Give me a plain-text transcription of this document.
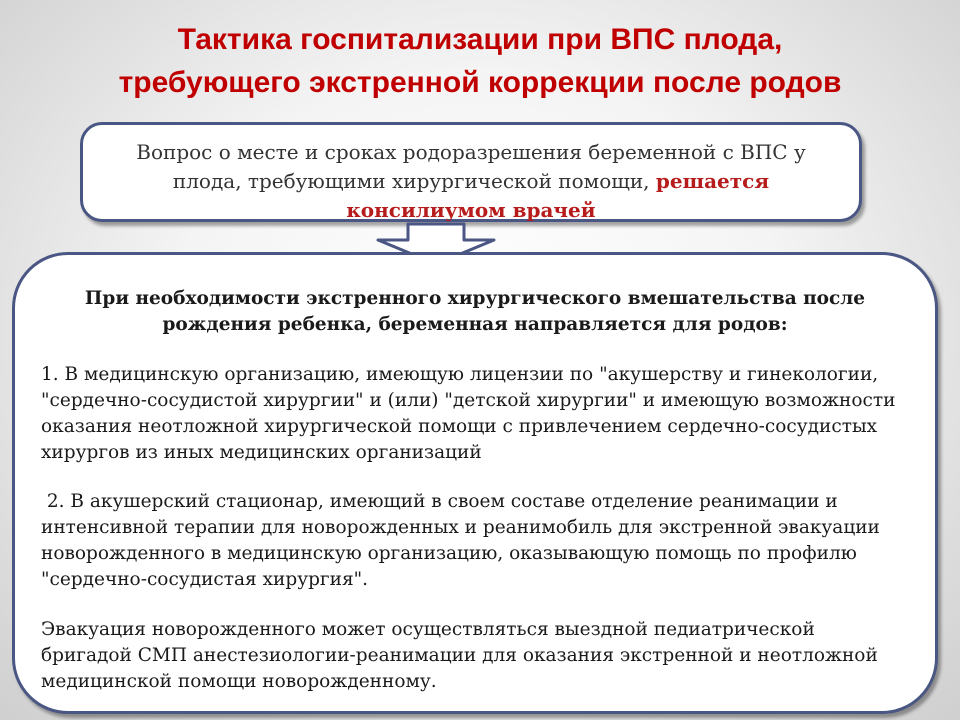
Тактика госпитализации при ВПС плода,
требующего экстренной коррекции после родов
Вопрос о месте и сроках родоразрешения беременной с ВПС у
плода, требующими хирургической помощи, решается
консилиумом врачей
При необходимости экстренного хирургического вмешательства после
рождения ребенка, беременная направляется для родов:

1. В медицинскую организацию, имеющую лицензии по "акушерству и гинекологии,
"сердечно-сосудистой хирургии" и (или) "детской хирургии" и имеющую возможности
оказания неотложной хирургической помощи с привлечением сердечно-сосудистых
хирургов из иных медицинских организаций

2. В акушерский стационар, имеющий в своем составе отделение реанимации и
интенсивной терапии для новорожденных и реанимобиль для экстренной эвакуации
новорожденного в медицинскую организацию, оказывающую помощь по профилю
"сердечно-сосудистая хирургия".

Эвакуация новорожденного может осуществляться выездной педиатрической
бригадой СМП анестезиологии-реанимации для оказания экстренной и неотложной
медицинской помощи новорожденному.
